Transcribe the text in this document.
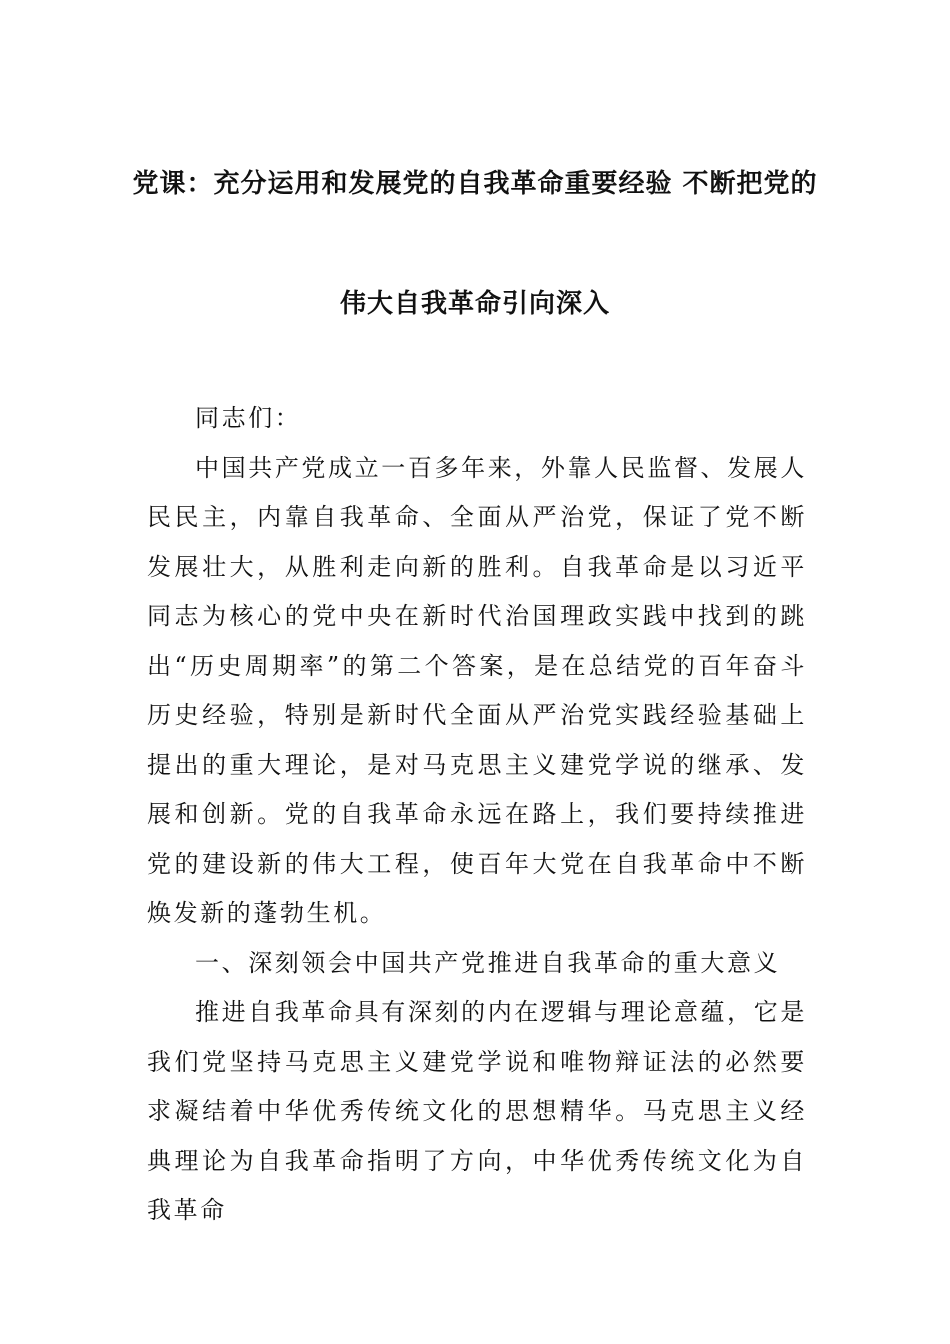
党课：充分运用和发展党的自我革命重要经验 不断把党的
伟大自我革命引向深入

同志们：

中国共产党成立一百多年来，外靠人民监督、发展人民民主，内靠自我革命、全面从严治党，保证了党不断发展壮大，从胜利走向新的胜利。自我革命是以习近平同志为核心的党中央在新时代治国理政实践中找到的跳出“历史周期率”的第二个答案，是在总结党的百年奋斗历史经验，特别是新时代全面从严治党实践经验基础上提出的重大理论，是对马克思主义建党学说的继承、发展和创新。党的自我革命永远在路上，我们要持续推进党的建设新的伟大工程，使百年大党在自我革命中不断焕发新的蓬勃生机。

一、深刻领会中国共产党推进自我革命的重大意义

推进自我革命具有深刻的内在逻辑与理论意蕴，它是我们党坚持马克思主义建党学说和唯物辩证法的必然要求凝结着中华优秀传统文化的思想精华。马克思主义经典理论为自我革命指明了方向，中华优秀传统文化为自我革命
